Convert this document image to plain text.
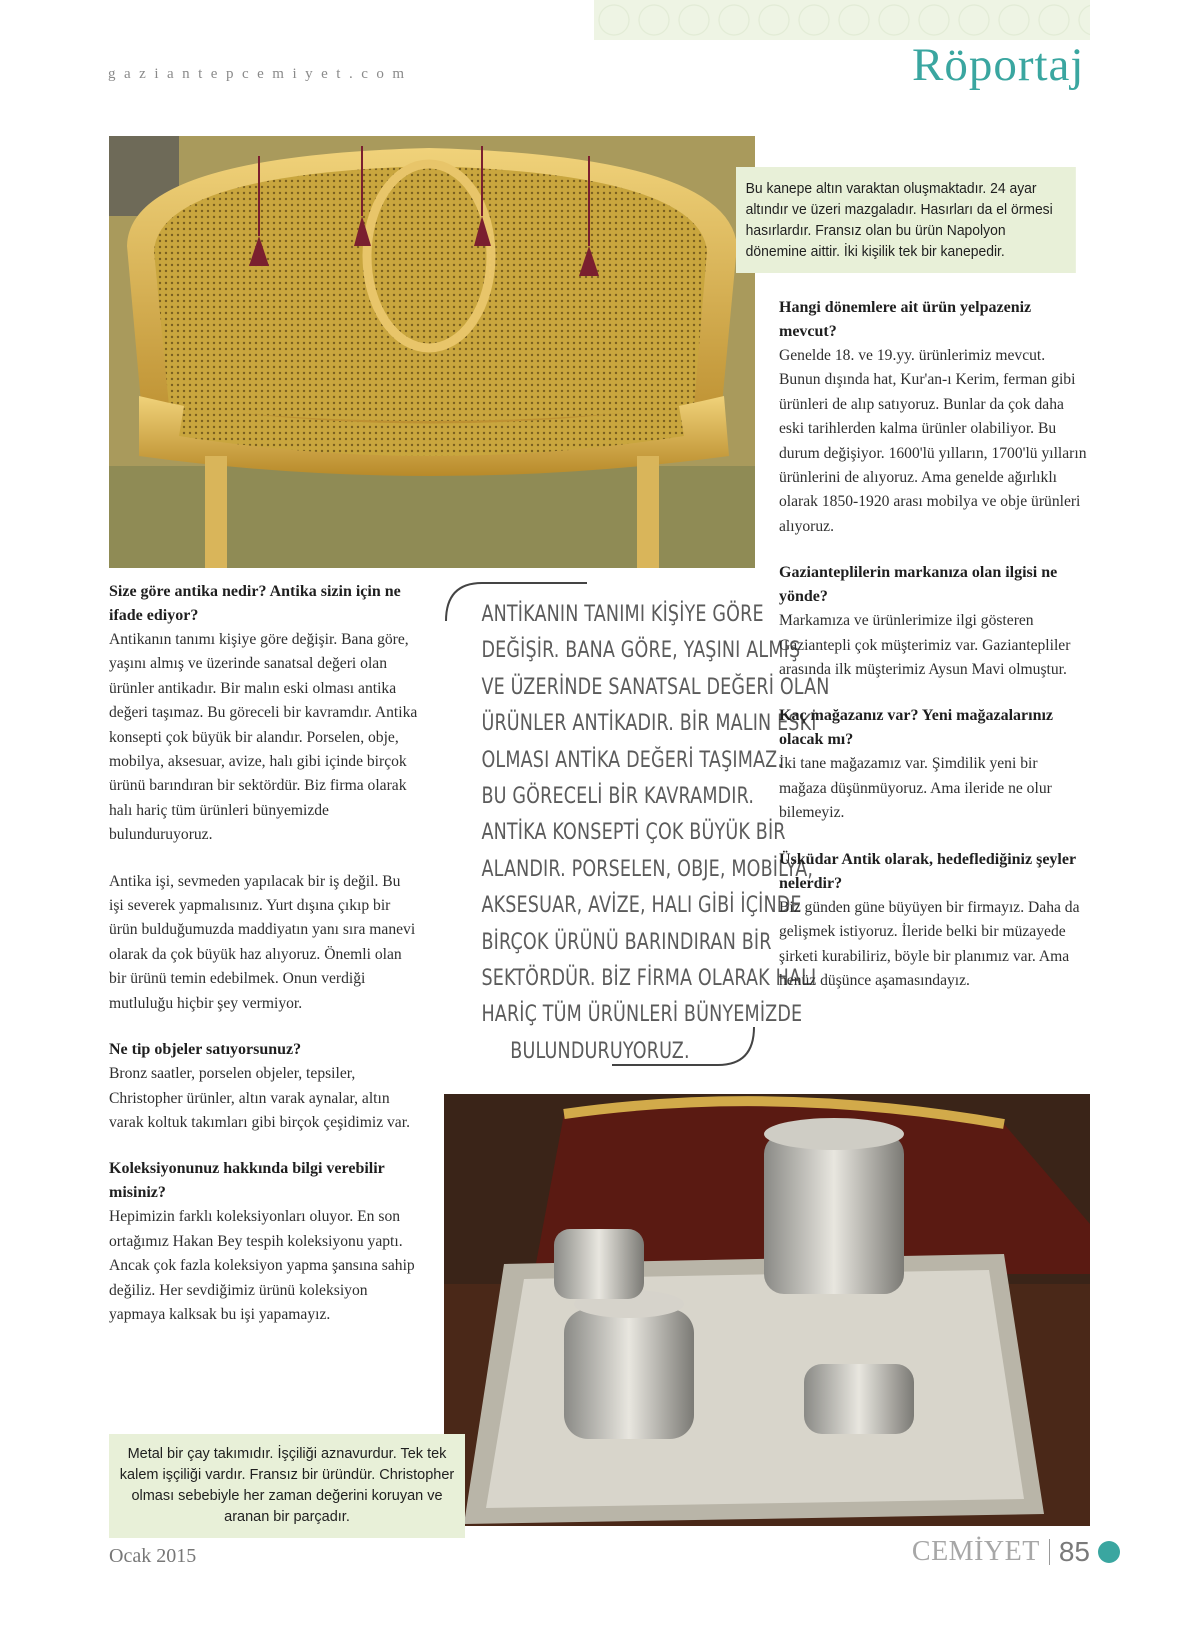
gaziantepcemiyet.com	Röportaj
Bu kanepe altın varaktan oluşmaktadır. 24 ayar altındır ve üzeri mazgaladır. Hasırları da el örmesi hasırlardır. Fransız olan bu ürün Napolyon dönemine aittir. İki kişilik tek bir kanepedir.
Size göre antika nedir? Antika sizin için ne ifade ediyor?

Antikanın tanımı kişiye göre değişir. Bana göre, yaşını almış ve üzerinde sanatsal değeri olan ürünler antikadır. Bir malın eski olması antika değeri taşımaz. Bu göreceli bir kavramdır. Antika konsepti çok büyük bir alandır. Porselen, obje, mobilya, aksesuar, avize, halı gibi içinde birçok ürünü barındıran bir sektördür. Biz firma olarak halı hariç tüm ürünleri bünyemizde bulunduruyoruz.

Antika işi, sevmeden yapılacak bir iş değil. Bu işi severek yapmalısınız. Yurt dışına çıkıp bir ürün bulduğumuzda maddiyatın yanı sıra manevi olarak da çok büyük haz alıyoruz. Önemli olan bir ürünü temin edebilmek. Onun verdiği mutluluğu hiçbir şey vermiyor.

Ne tip objeler satıyorsunuz?

Bronz saatler, porselen objeler, tepsiler, Christopher ürünler, altın varak aynalar, altın varak koltuk takımları gibi birçok çeşidimiz var.

Koleksiyonunuz hakkında bilgi verebilir misiniz?

Hepimizin farklı koleksiyonları oluyor. En son ortağımız Hakan Bey tespih koleksiyonu yaptı. Ancak çok fazla koleksiyon yapma şansına sahip değiliz. Her sevdiğimiz ürünü koleksiyon yapmaya kalksak bu işi yapamayız.

ANTİKANIN TANIMI KİŞİYE GÖRE
DEĞİŞİR. BANA GÖRE, YAŞINI ALMIŞ
VE ÜZERİNDE SANATSAL DEĞERİ OLAN
ÜRÜNLER ANTİKADIR. BİR MALIN ESKİ
OLMASI ANTİKA DEĞERİ TAŞIMAZ.
BU GÖRECELİ BİR KAVRAMDIR.
ANTİKA KONSEPTİ ÇOK BÜYÜK BİR
ALANDIR. PORSELEN, OBJE, MOBİLYA,
AKSESUAR, AVİZE, HALI GİBİ İÇİNDE
BİRÇOK ÜRÜNÜ BARINDIRAN BİR
SEKTÖRDÜR. BİZ FİRMA OLARAK HALI
HARİÇ TÜM ÜRÜNLERİ BÜNYEMİZDE
BULUNDURUYORUZ.
Hangi dönemlere ait ürün yelpazeniz mevcut?

Genelde 18. ve 19.yy. ürünlerimiz mevcut. Bunun dışında hat, Kur'an-ı Kerim, ferman gibi ürünleri de alıp satıyoruz. Bunlar da çok daha eski tarihlerden kalma ürünler olabiliyor. Bu durum değişiyor. 1600'lü yılların, 1700'lü yılların ürünlerini de alıyoruz. Ama genelde ağırlıklı olarak 1850-1920 arası mobilya ve obje ürünleri alıyoruz.

Gazianteplilerin markanıza olan ilgisi ne yönde?

Markamıza ve ürünlerimize ilgi gösteren Gaziantepli çok müşterimiz var. Gaziantepliler arasında ilk müşterimiz Aysun Mavi olmuştur.

Kaç mağazanız var? Yeni mağazalarınız olacak mı?

İki tane mağazamız var. Şimdilik yeni bir mağaza düşünmüyoruz. Ama ileride ne olur bilemeyiz.

Üsküdar Antik olarak, hedeflediğiniz şeyler nelerdir?

Biz günden güne büyüyen bir firmayız. Daha da gelişmek istiyoruz. İleride belki bir müzayede şirketi kurabiliriz, böyle bir planımız var. Ama henüz düşünce aşamasındayız.

Metal bir çay takımıdır. İşçiliği aznavurdur. Tek tek kalem işçiliği vardır. Fransız bir üründür. Christopher olması sebebiyle her zaman değerini koruyan ve aranan bir parçadır.
Ocak 2015	CEMİYET 85
